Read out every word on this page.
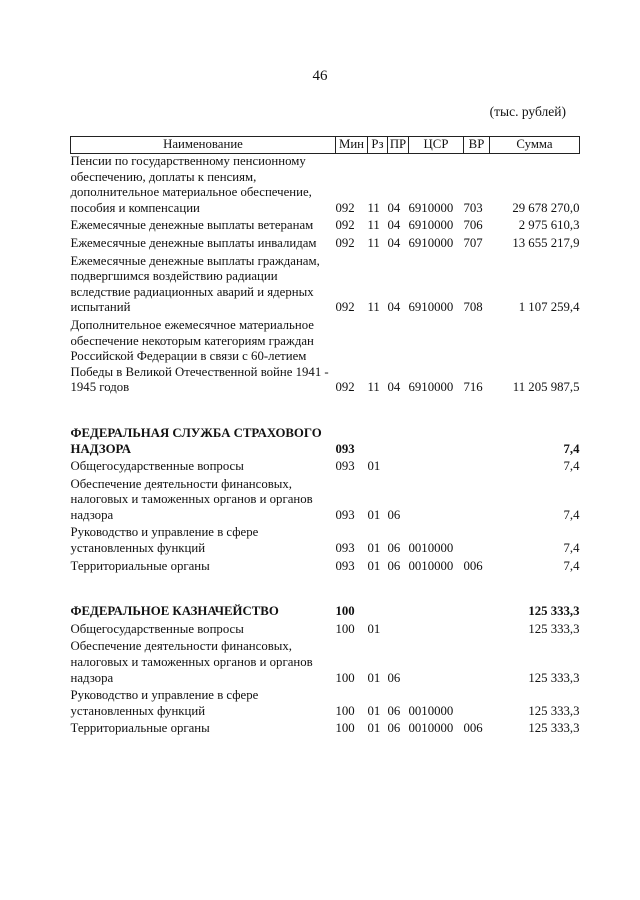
46
(тыс. рублей)
Наименование	Мин	Рз	ПР	ЦСР	ВР	Сумма
Пенсии по государственному пенсионному обеспечению, доплаты к пенсиям, дополнительное материальное обеспечение, пособия и компенсации	092	11	04	6910000	703	29 678 270,0

Ежемесячные денежные выплаты ветеранам	092	11	04	6910000	706	2 975 610,3

Ежемесячные денежные выплаты инвалидам	092	11	04	6910000	707	13 655 217,9

Ежемесячные денежные выплаты гражданам, подвергшимся воздействию радиации вследствие радиационных аварий и ядерных испытаний	092	11	04	6910000	708	1 107 259,4

Дополнительное ежемесячное материальное обеспечение некоторым категориям граждан Российской Федерации в связи с 60-летием Победы в Великой Отечественной войне 1941 - 1945 годов	092	11	04	6910000	716	11 205 987,5

ФЕДЕРАЛЬНАЯ СЛУЖБА СТРАХОВОГО НАДЗОРА	093					7,4

Общегосударственные вопросы	093	01				7,4

Обеспечение деятельности финансовых, налоговых и таможенных органов и органов надзора	093	01	06			7,4

Руководство и управление в сфере установленных функций	093	01	06	0010000		7,4

Территориальные органы	093	01	06	0010000	006	7,4

ФЕДЕРАЛЬНОЕ КАЗНАЧЕЙСТВО	100					125 333,3

Общегосударственные вопросы	100	01				125 333,3

Обеспечение деятельности финансовых, налоговых и таможенных органов и органов надзора	100	01	06			125 333,3

Руководство и управление в сфере установленных функций	100	01	06	0010000		125 333,3

Территориальные органы	100	01	06	0010000	006	125 333,3
